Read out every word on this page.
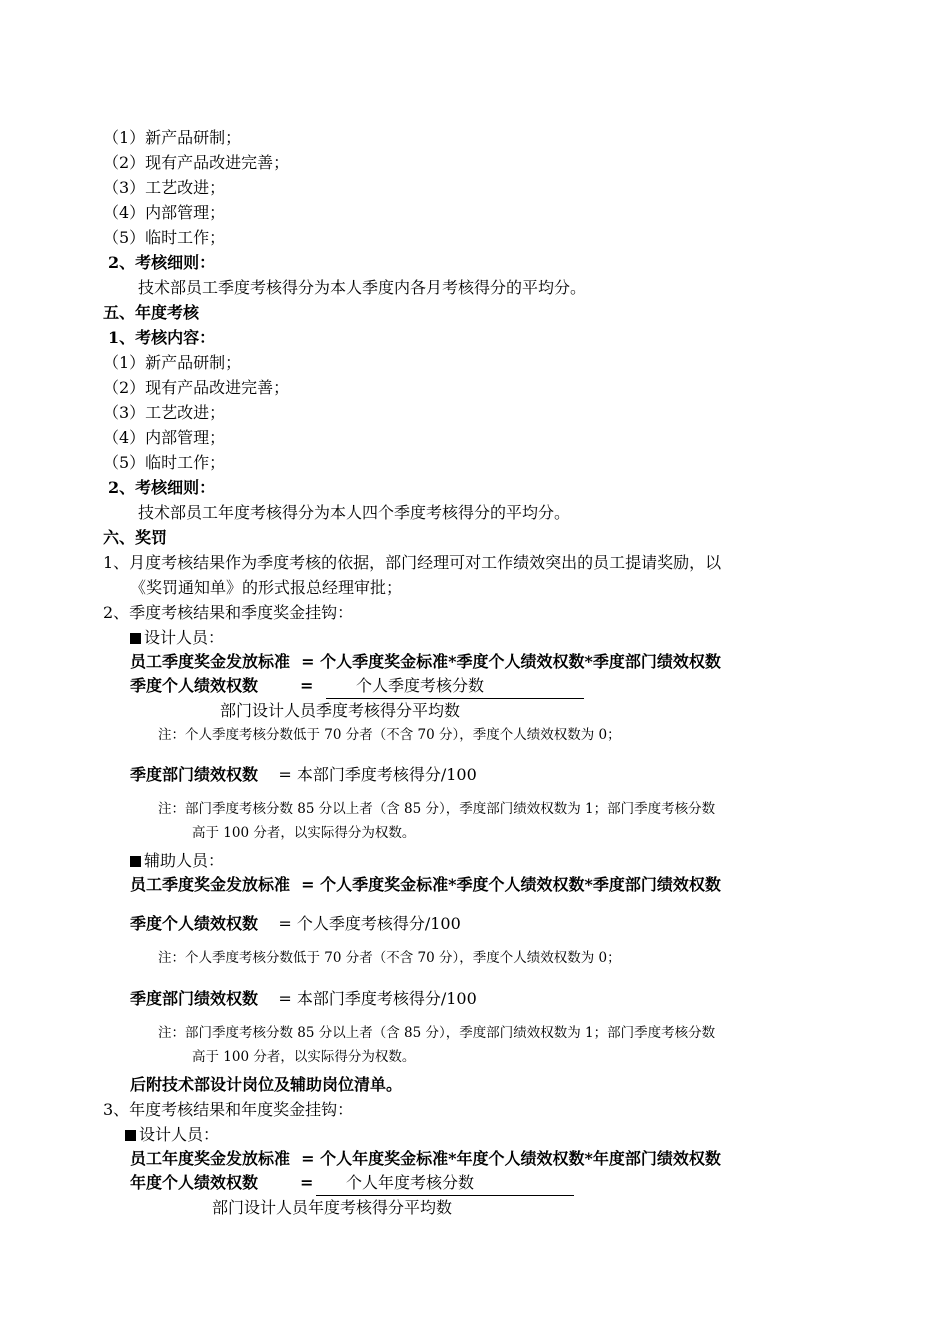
（1）新产品研制；
（2）现有产品改进完善；
（3）工艺改进；
（4）内部管理；
（5）临时工作；
2、考核细则：
技术部员工季度考核得分为本人季度内各月考核得分的平均分。
五、年度考核
1、考核内容：
（1）新产品研制；
（2）现有产品改进完善；
（3）工艺改进；
（4）内部管理；
（5）临时工作；
2、考核细则：
技术部员工年度考核得分为本人四个季度考核得分的平均分。
六、奖罚
1、月度考核结果作为季度考核的依据，部门经理可对工作绩效突出的员工提请奖励，以
《奖罚通知单》的形式报总经理审批；
2、季度考核结果和季度奖金挂钩：
设计人员：
员工季度奖金发放标准 = 个人季度奖金标准*季度个人绩效权数*季度部门绩效权数
季度个人绩效权数	=	个人季度考核分数
部门设计人员季度考核得分平均数
注：个人季度考核分数低于 70 分者（不含 70 分），季度个人绩效权数为 0；
季度部门绩效权数 = 本部门季度考核得分/100
注：部门季度考核分数 85 分以上者（含 85 分），季度部门绩效权数为 1；部门季度考核分数
高于 100 分者，以实际得分为权数。
辅助人员：
员工季度奖金发放标准 = 个人季度奖金标准*季度个人绩效权数*季度部门绩效权数
季度个人绩效权数 = 个人季度考核得分/100
注：个人季度考核分数低于 70 分者（不含 70 分），季度个人绩效权数为 0；
季度部门绩效权数 = 本部门季度考核得分/100
注：部门季度考核分数 85 分以上者（含 85 分），季度部门绩效权数为 1；部门季度考核分数
高于 100 分者，以实际得分为权数。
后附技术部设计岗位及辅助岗位清单。
3、年度考核结果和年度奖金挂钩：
设计人员：
员工年度奖金发放标准 = 个人年度奖金标准*年度个人绩效权数*年度部门绩效权数
年度个人绩效权数	=	个人年度考核分数
部门设计人员年度考核得分平均数
